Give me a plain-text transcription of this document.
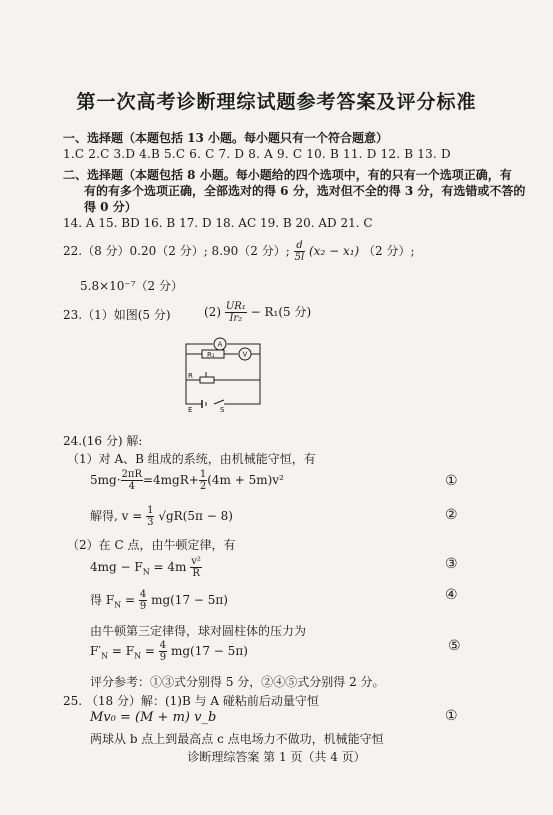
第一次高考诊断理综试题参考答案及评分标准
一、选择题（本题包括 13 小题。每小题只有一个符合题意）
1.C 2.C 3.D 4.B 5.C 6. C 7. D 8. A 9. C 10. B 11. D 12. B 13. D
二、选择题（本题包括 8 小题。每小题给的四个选项中，有的只有一个选项正确，有
有的有多个选项正确，全部选对的得 6 分，选对但不全的得 3 分，有选错或不答的
得 0 分）
14. A 15. BD 16. B 17. D 18. AC 19. B 20. AD 21. C
22.（8 分）0.20（2 分）; 8.90（2 分）; $\frac{d}{5l} (x_2 - x_1)$ （2 分）;
5.8×10⁻⁷（2 分）
23.（1）如图(5 分)	$(2) \frac{\text{UR₁}}{\text{Ir₂}} - R_1(5$ 分)
A
V
R₁
R
E	S
24.(16 分) 解:
（1）对 A、B 组成的系统，由机械能守恒，有
$5mg\cdot \frac{2\pi R}{4} =4mgR+ \frac{1}{2} (4m + 5m)v^2$	①
解得, $v = \frac{1}{3} √gR(5\pi - 8)$	②
（2）在 C 点，由牛顿定律，有
$4mg - F_N = 4m \frac{\text{v²}}{R}$	③
得 $F_N = \frac{4}{9} mg(17 - 5\pi)$	④
由牛顿第三定律得，球对圆柱体的压力为
$F'_N = F_N = \frac{4}{9} mg(17 - 5\pi)$	⑤
评分参考：①③式分别得 5 分，②④⑤式分别得 2 分。
25. （18 分）解：(1)B 与 A 碰粘前后动量守恒
Mv₀ = (M + m) v_b	①
两球从 b 点上到最高点 c 点电场力不做功，机械能守恒
诊断理综答案 第 1 页（共 4 页）
